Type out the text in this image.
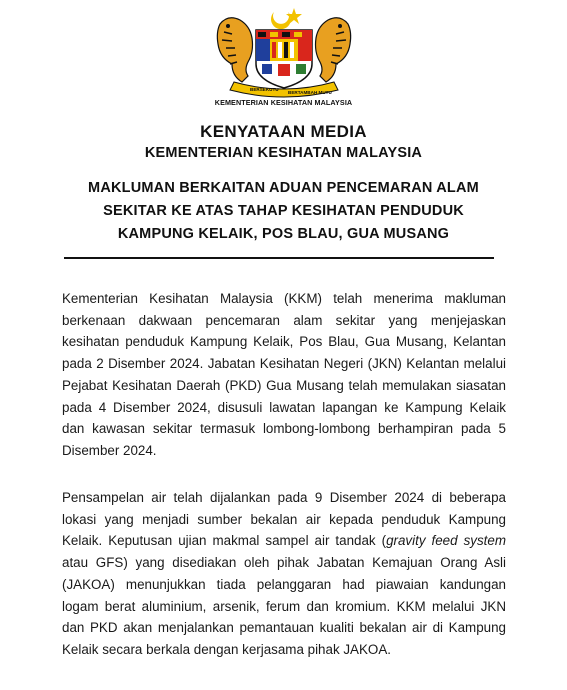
BERSEKUTU
BERTAMBAH MUTU
KEMENTERIAN KESIHATAN MALAYSIA
KENYATAAN MEDIA
KEMENTERIAN KESIHATAN MALAYSIA
MAKLUMAN BERKAITAN ADUAN PENCEMARAN ALAM
SEKITAR KE ATAS TAHAP KESIHATAN PENDUDUK
KAMPUNG KELAIK, POS BLAU, GUA MUSANG
Kementerian Kesihatan Malaysia (KKM) telah menerima makluman
berkenaan dakwaan pencemaran alam sekitar yang menjejaskan
kesihatan penduduk Kampung Kelaik, Pos Blau, Gua Musang, Kelantan
pada 2 Disember 2024. Jabatan Kesihatan Negeri (JKN) Kelantan melalui
Pejabat Kesihatan Daerah (PKD) Gua Musang telah memulakan siasatan
pada 4 Disember 2024, disusuli lawatan lapangan ke Kampung Kelaik
dan kawasan sekitar termasuk lombong-lombong berhampiran pada 5
Disember 2024.
Pensampelan air telah dijalankan pada 9 Disember 2024 di beberapa
lokasi yang menjadi sumber bekalan air kepada penduduk Kampung
Kelaik. Keputusan ujian makmal sampel air tandak (gravity feed system
atau GFS) yang disediakan oleh pihak Jabatan Kemajuan Orang Asli
(JAKOA) menunjukkan tiada pelanggaran had piawaian kandungan
logam berat aluminium, arsenik, ferum dan kromium. KKM melalui JKN
dan PKD akan menjalankan pemantauan kualiti bekalan air di Kampung
Kelaik secara berkala dengan kerjasama pihak JAKOA.
